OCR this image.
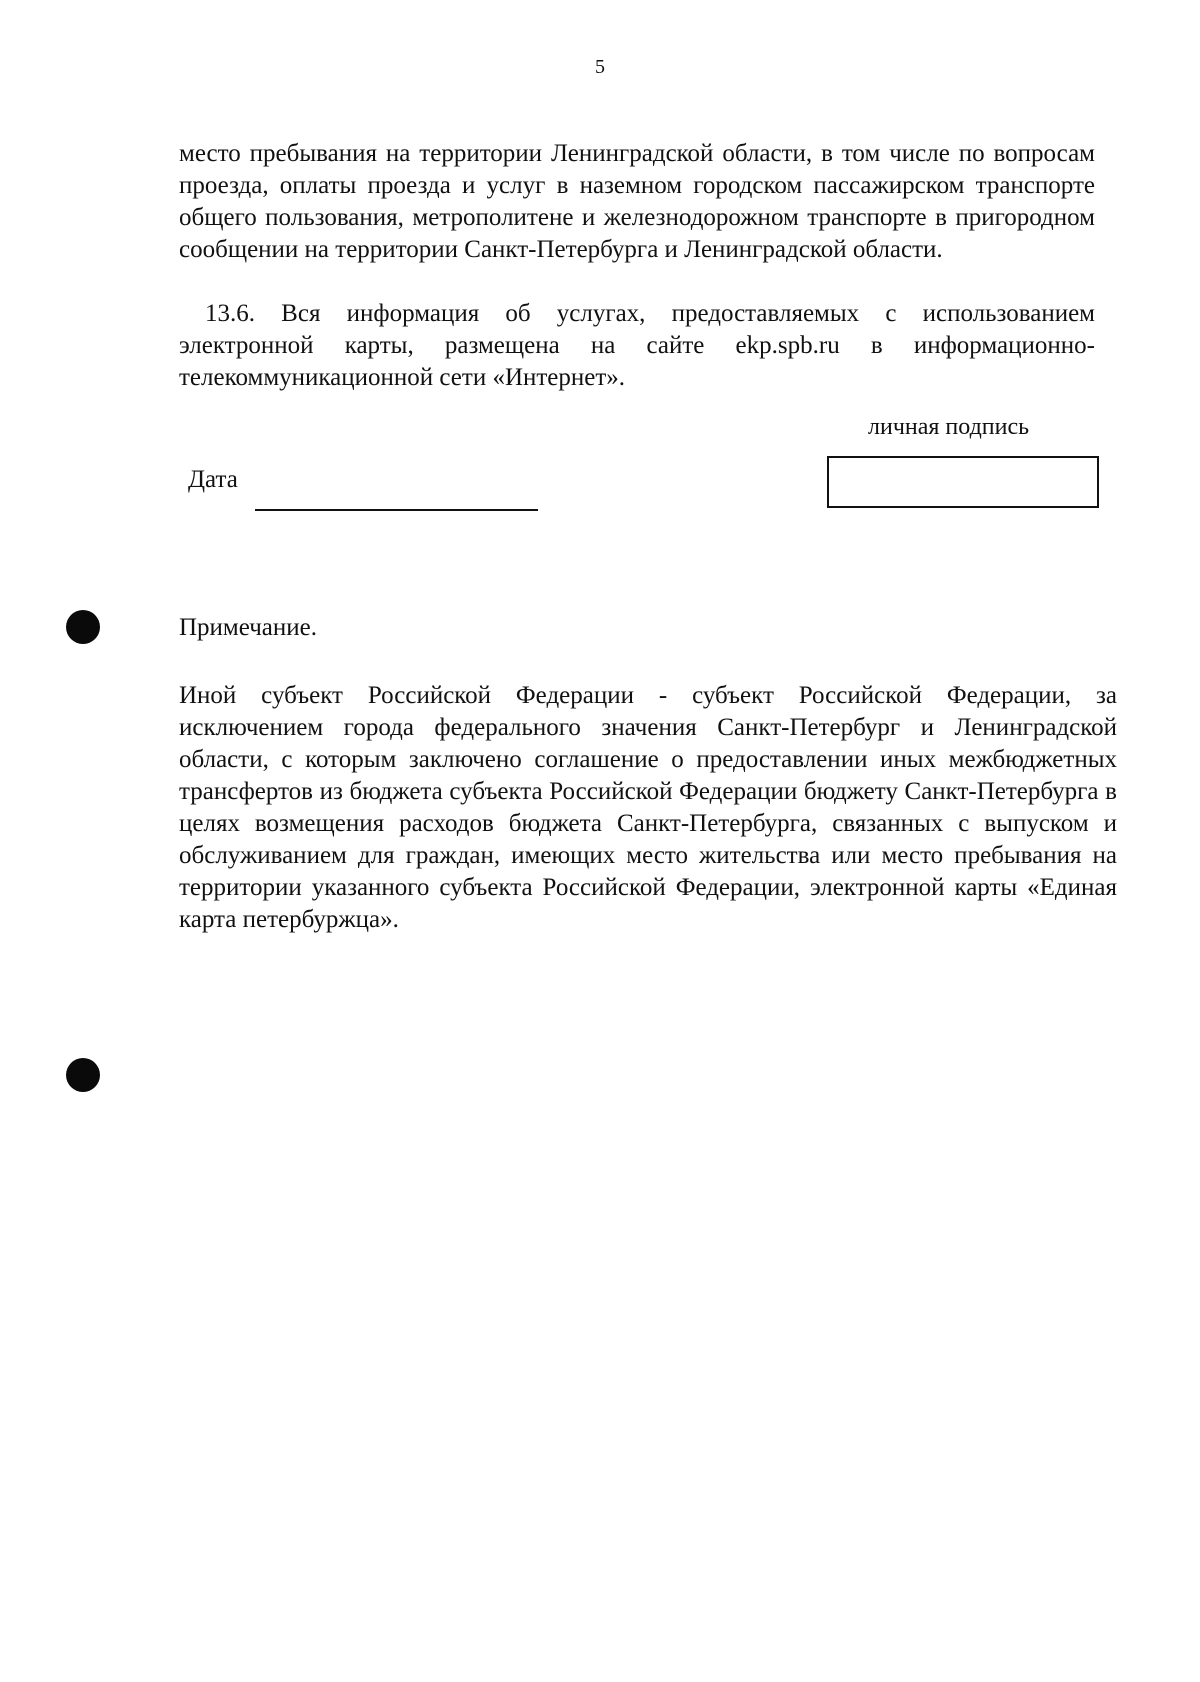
5
место пребывания на территории Ленинградской области, в том числе по вопросам проезда, оплаты проезда и услуг в наземном городском пассажирском транспорте общего пользования, метрополитене и железнодорожном транспорте в пригородном сообщении на территории Санкт-Петербурга и Ленинградской области.
13.6. Вся информация об услугах, предоставляемых с использованием электронной карты, размещена на сайте ekp.spb.ru в информационно-телекоммуникационной сети «Интернет».
личная подпись
Дата
Примечание.
Иной субъект Российской Федерации - субъект Российской Федерации, за исключением города федерального значения Санкт-Петербург и Ленинградской области, с которым заключено соглашение о предоставлении иных межбюджетных трансфертов из бюджета субъекта Российской Федерации бюджету Санкт-Петербурга в целях возмещения расходов бюджета Санкт-Петербурга, связанных с выпуском и обслуживанием для граждан, имеющих место жительства или место пребывания на территории указанного субъекта Российской Федерации, электронной карты «Единая карта петербуржца».
